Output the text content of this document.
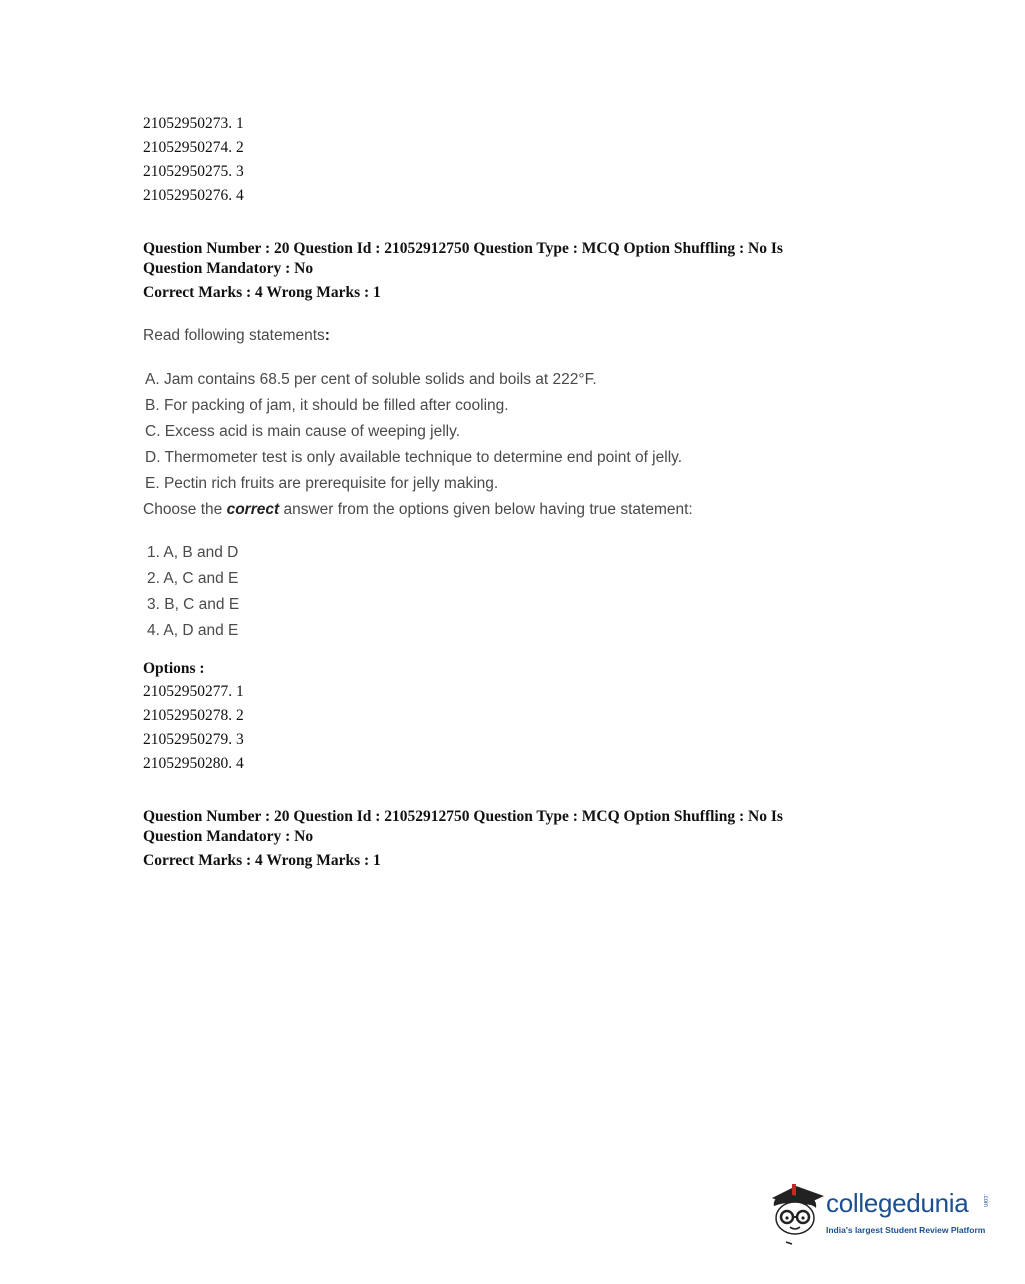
21052950273. 1
21052950274. 2
21052950275. 3
21052950276. 4
Question Number : 20 Question Id : 21052912750 Question Type : MCQ Option Shuffling : No Is
Question Mandatory : No
Correct Marks : 4 Wrong Marks : 1
Read following statements:
A. Jam contains 68.5 per cent of soluble solids and boils at 222°F.
B. For packing of jam, it should be filled after cooling.
C. Excess acid is main cause of weeping jelly.
D. Thermometer test is only available technique to determine end point of jelly.
E. Pectin rich fruits are prerequisite for jelly making.
Choose the correct answer from the options given below having true statement:
1. A, B and D
2. A, C and E
3. B, C and E
4. A, D and E
Options :
21052950277. 1
21052950278. 2
21052950279. 3
21052950280. 4
Question Number : 20 Question Id : 21052912750 Question Type : MCQ Option Shuffling : No Is
Question Mandatory : No
Correct Marks : 4 Wrong Marks : 1
collegedunia .com
India's largest Student Review Platform
